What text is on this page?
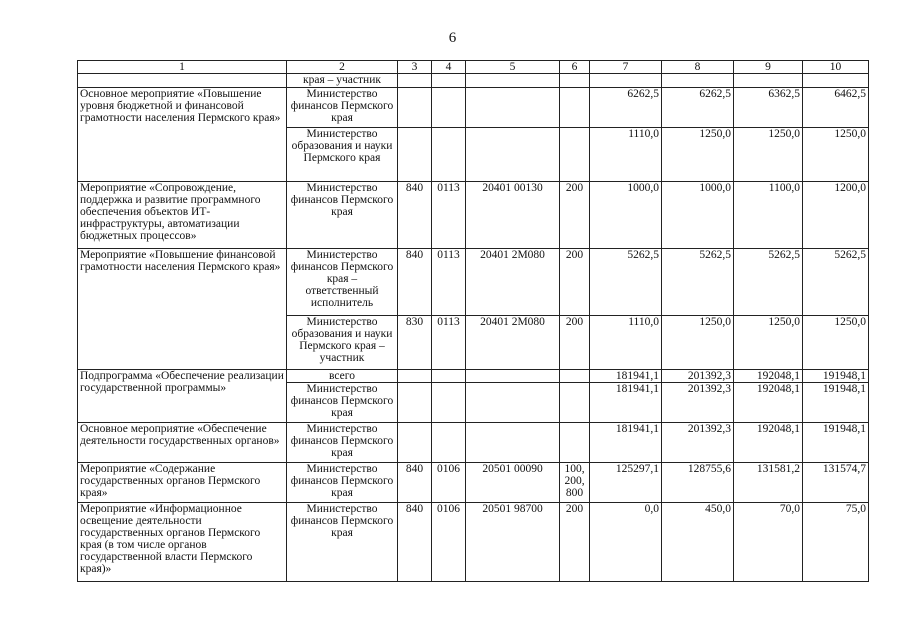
6
1	2	3	4	5	6	7	8	9	10
	края – участник								
Основное мероприятие «Повышение уровня бюджетной и финансовой грамотности населения Пермского края»	Министерство финансов Пермского края					6262,5	6262,5	6362,5	6462,5
	Министерство образования и науки Пермского края					1110,0	1250,0	1250,0	1250,0
Мероприятие «Сопровождение, поддержка и развитие программного обеспечения объектов ИТ-инфраструктуры, автоматизации бюджетных процессов»	Министерство финансов Пермского края	840	0113	20401 00130	200	1000,0	1000,0	1100,0	1200,0
Мероприятие «Повышение финансовой грамотности населения Пермского края»	Министерство финансов Пермского края – ответственный исполнитель	840	0113	20401 2М080	200	5262,5	5262,5	5262,5	5262,5
	Министерство образования и науки Пермского края – участник	830	0113	20401 2М080	200	1110,0	1250,0	1250,0	1250,0
Подпрограмма «Обеспечение реализации государственной программы»	всего					181941,1	201392,3	192048,1	191948,1
	Министерство финансов Пермского края					181941,1	201392,3	192048,1	191948,1
Основное мероприятие «Обеспечение деятельности государственных органов»	Министерство финансов Пермского края					181941,1	201392,3	192048,1	191948,1
Мероприятие «Содержание государственных органов Пермского края»	Министерство финансов Пермского края	840	0106	20501 00090	100, 200, 800	125297,1	128755,6	131581,2	131574,7
Мероприятие «Информационное освещение деятельности государственных органов Пермского края (в том числе органов государственной власти Пермского края)»	Министерство финансов Пермского края	840	0106	20501 98700	200	0,0	450,0	70,0	75,0
